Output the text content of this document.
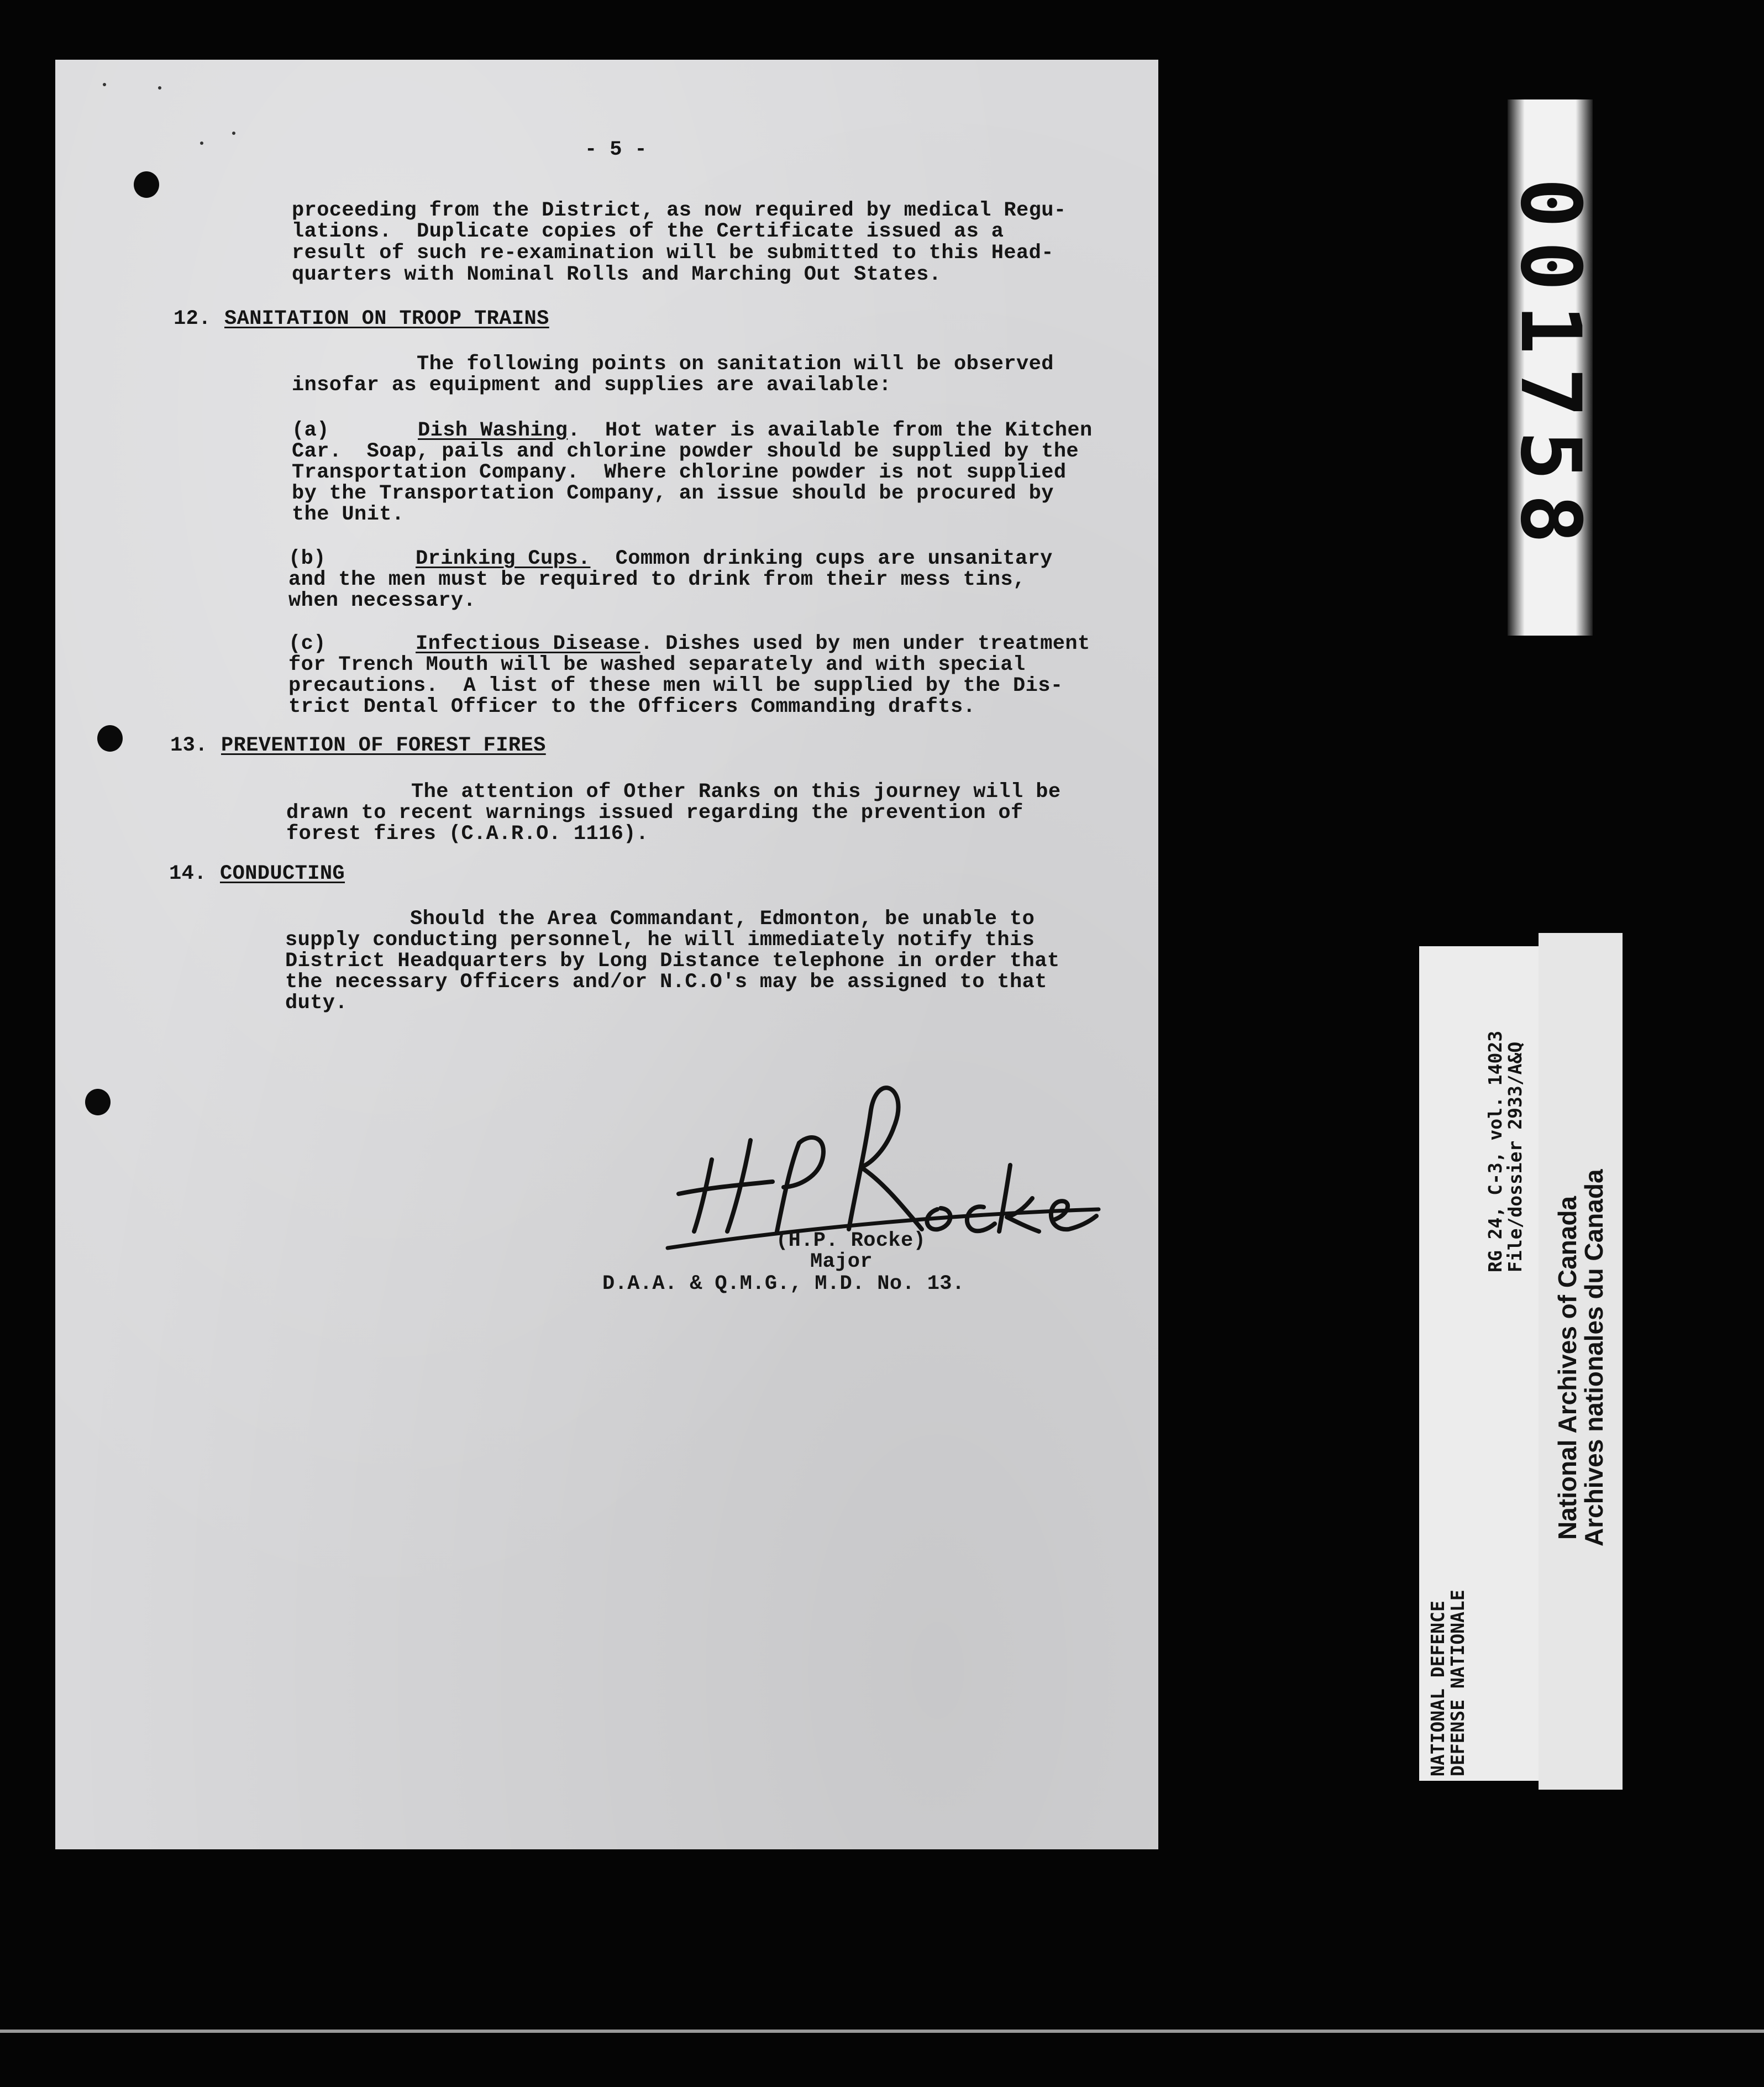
- 5 -
proceeding from the District, as now required by medical Regu-
lations.  Duplicate copies of the Certificate issued as a
result of such re-examination will be submitted to this Head-
quarters with Nominal Rolls and Marching Out States.
12. SANITATION ON TROOP TRAINS
The following points on sanitation will be observed
insofar as equipment and supplies are available:
(a)	Dish Washing.  Hot water is available from the Kitchen
Car.  Soap, pails and chlorine powder should be supplied by the
Transportation Company.  Where chlorine powder is not supplied
by the Transportation Company, an issue should be procured by
the Unit.
(b)	Drinking Cups.  Common drinking cups are unsanitary
and the men must be required to drink from their mess tins,
when necessary.
(c)	Infectious Disease. Dishes used by men under treatment
for Trench Mouth will be washed separately and with special
precautions.  A list of these men will be supplied by the Dis-
trict Dental Officer to the Officers Commanding drafts.
13. PREVENTION OF FOREST FIRES
The attention of Other Ranks on this journey will be
drawn to recent warnings issued regarding the prevention of
forest fires (C.A.R.O. 1116).
14. CONDUCTING
Should the Area Commandant, Edmonton, be unable to
supply conducting personnel, he will immediately notify this
District Headquarters by Long Distance telephone in order that
the necessary Officers and/or N.C.O's may be assigned to that
duty.
(H.P. Rocke)
Major
D.A.A. & Q.M.G., M.D. No. 13.
001758
RG 24, C-3, vol. 14023
File/dossier 2933/A&Q
NATIONAL DEFENCE
DEFENSE NATIONALE
National Archives of Canada
Archives nationales du Canada
